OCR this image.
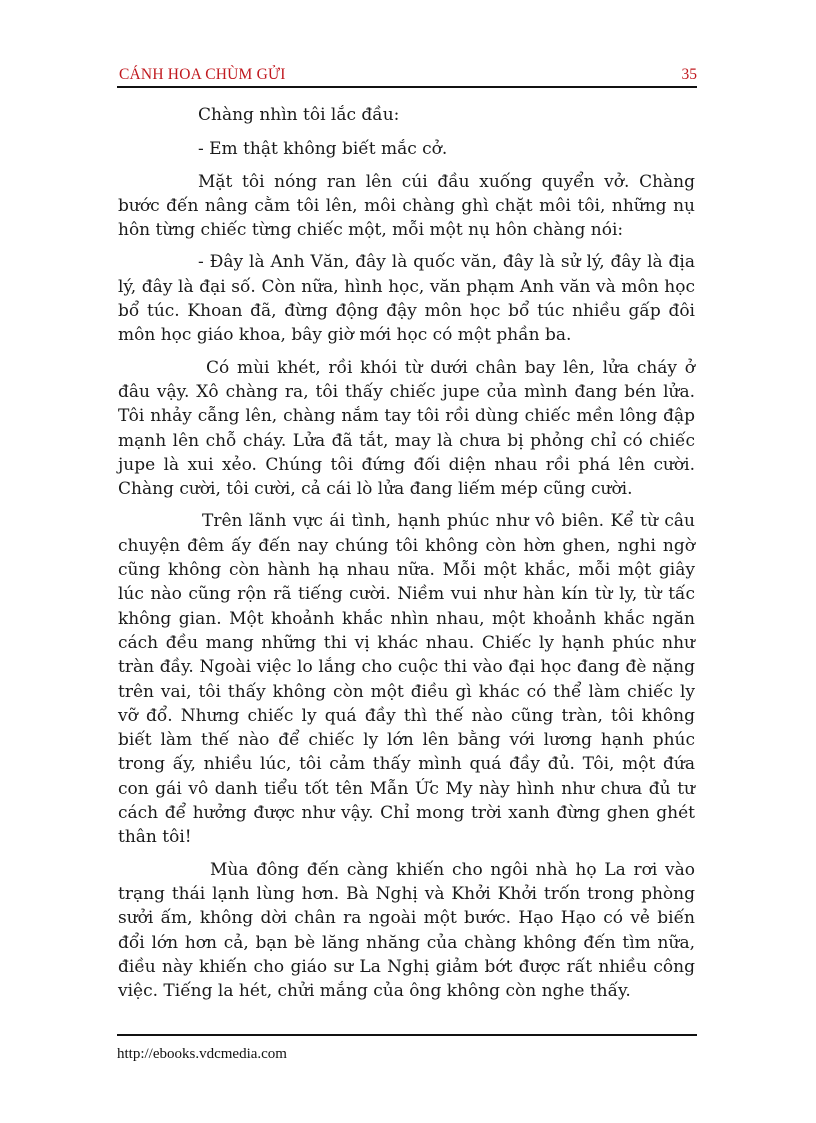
CÁNH HOA CHÙM GỬI	35

Chàng nhìn tôi lắc đầu:

- Em thật không biết mắc cở.

Mặt tôi nóng ran lên cúi đầu xuống quyển vở. Chàng bước đến nâng cằm tôi lên, môi chàng ghì chặt môi tôi, những nụ hôn từng chiếc từng chiếc một, mỗi một nụ hôn chàng nói:

- Đây là Anh Văn, đây là quốc văn, đây là sử lý, đây là địa lý, đây là đại số. Còn nữa, hình học, văn phạm Anh văn và môn học bổ túc. Khoan đã, đừng động đậy môn học bổ túc nhiều gấp đôi môn học giáo khoa, bây giờ mới học có một phần ba.

Có mùi khét, rồi khói từ dưới chân bay lên, lửa cháy ở đâu vậy. Xô chàng ra, tôi thấy chiếc jupe của mình đang bén lửa. Tôi nhảy cẫng lên, chàng nắm tay tôi rồi dùng chiếc mền lông đập mạnh lên chỗ cháy. Lửa đã tắt, may là chưa bị phỏng chỉ có chiếc jupe là xui xẻo. Chúng tôi đứng đối diện nhau rồi phá lên cười. Chàng cười, tôi cười, cả cái lò lửa đang liếm mép cũng cười.

Trên lãnh vực ái tình, hạnh phúc như vô biên. Kể từ câu chuyện đêm ấy đến nay chúng tôi không còn hờn ghen, nghi ngờ cũng không còn hành hạ nhau nữa. Mỗi một khắc, mỗi một giây lúc nào cũng rộn rã tiếng cười. Niềm vui như hàn kín từ ly, từ tấc không gian. Một khoảnh khắc nhìn nhau, một khoảnh khắc ngăn cách đều mang những thi vị khác nhau. Chiếc ly hạnh phúc như tràn đầy. Ngoài việc lo lắng cho cuộc thi vào đại học đang đè nặng trên vai, tôi thấy không còn một điều gì khác có thể làm chiếc ly vỡ đổ. Nhưng chiếc ly quá đầy thì thế nào cũng tràn, tôi không biết làm thế nào để chiếc ly lớn lên bằng với lương hạnh phúc trong ấy, nhiều lúc, tôi cảm thấy mình quá đầy đủ. Tôi, một đứa con gái vô danh tiểu tốt tên Mẫn Ức My này hình như chưa đủ tư cách để hưởng được như vậy. Chỉ mong trời xanh đừng ghen ghét thân tôi!

Mùa đông đến càng khiến cho ngôi nhà họ La rơi vào trạng thái lạnh lùng hơn. Bà Nghị và Khởi Khởi trốn trong phòng sưởi ấm, không dời chân ra ngoài một bước. Hạo Hạo có vẻ biến đổi lớn hơn cả, bạn bè lăng nhăng của chàng không đến tìm nữa, điều này khiến cho giáo sư La Nghị giảm bớt được rất nhiều công việc. Tiếng la hét, chửi mắng của ông không còn nghe thấy.

http://ebooks.vdcmedia.com
